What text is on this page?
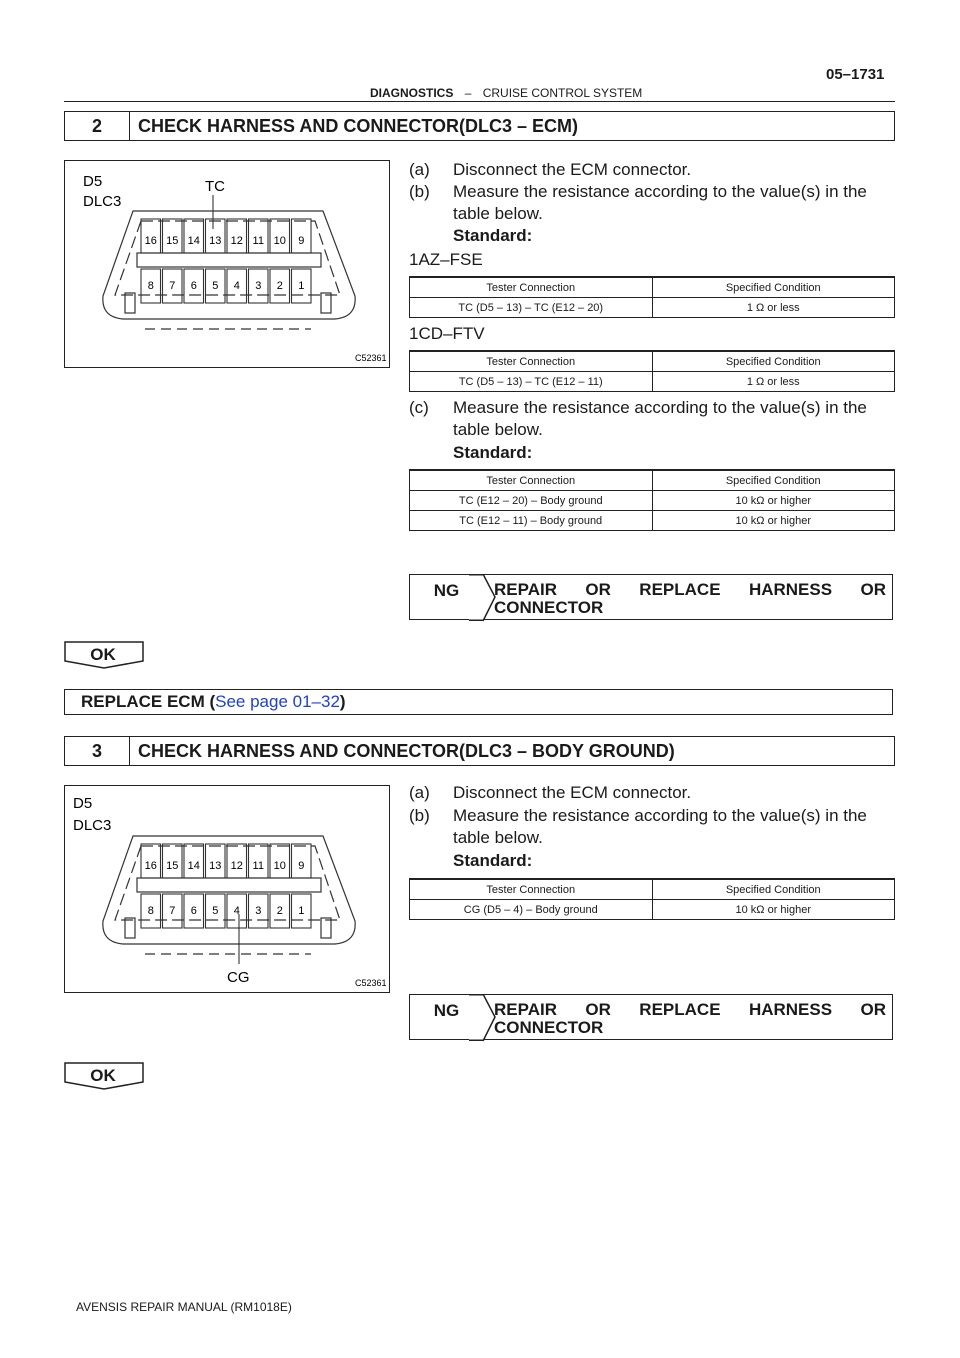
DIAGNOSTICS – CRUISE CONTROL SYSTEM
05–1731
2	CHECK HARNESS AND CONNECTOR(DLC3 – ECM)
D5
DLC3
TC
16 15 14 13 12 11 10 9
8 7 6 5 4 3 2 1
C52361
(a) Disconnect the ECM connector.
(b) Measure the resistance according to the value(s) in the
table below.
Standard:
1AZ–FSE
Tester Connection	Specified Condition
TC (D5 – 13) – TC (E12 – 20)	1 Ω or less
1CD–FTV
Tester Connection	Specified Condition
TC (D5 – 13) – TC (E12 – 11)	1 Ω or less
(c) Measure the resistance according to the value(s) in the
table below.
Standard:
Tester Connection	Specified Condition
TC (E12 – 20) – Body ground	10 kΩ or higher
TC (E12 – 11) – Body ground	10 kΩ or higher
NG	REPAIR OR REPLACE HARNESS OR
CONNECTOR
OK
REPLACE ECM ( See page 01–32 )
3	CHECK HARNESS AND CONNECTOR(DLC3 – BODY GROUND)
D5
DLC3
16 15 14 13 12 11 10 9
8 7 6 5 4 3 2 1
CG	C52361
(a) Disconnect the ECM connector.
(b) Measure the resistance according to the value(s) in the
table below.
Standard:
Tester Connection	Specified Condition
CG (D5 – 4) – Body ground	10 kΩ or higher
NG	REPAIR OR REPLACE HARNESS OR
CONNECTOR
OK
AVENSIS REPAIR MANUAL (RM1018E)
